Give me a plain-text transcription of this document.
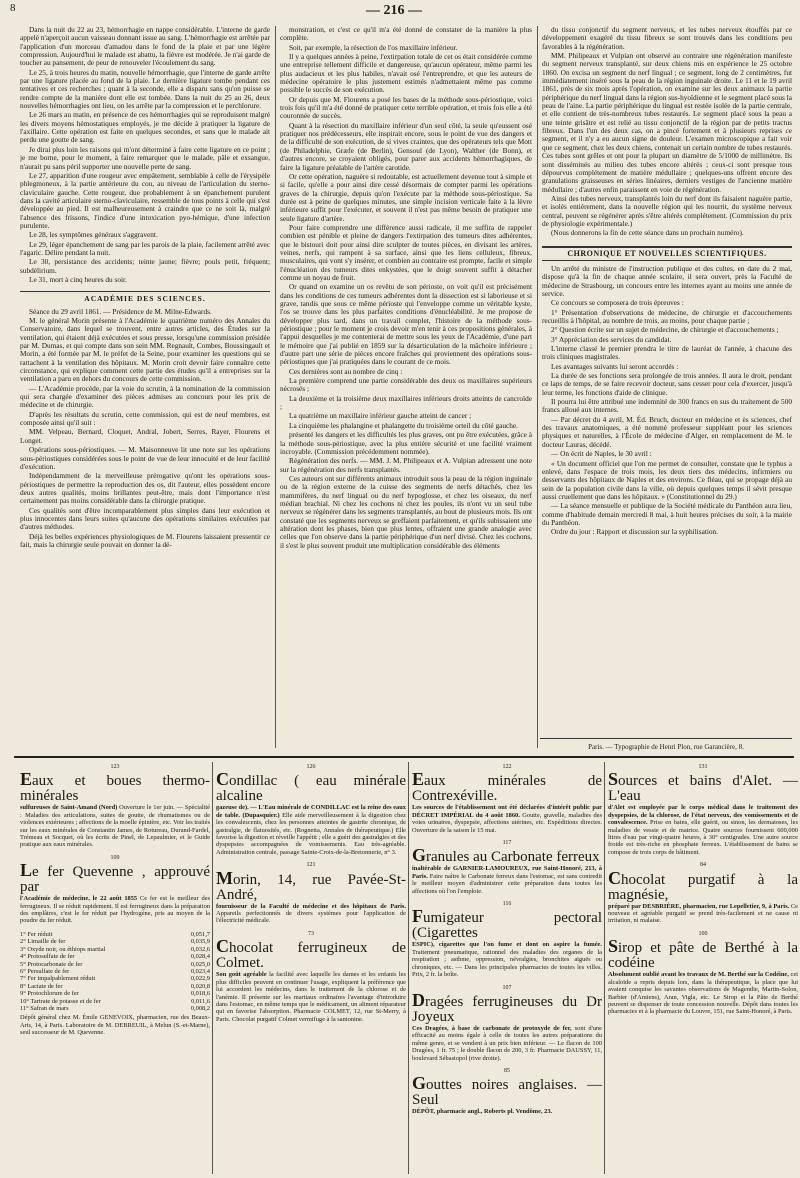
8	— 216 —

Dans la nuit du 22 au 23, hémorrhagie en nappe considérable. L'interne de garde appelé n'aperçoit aucun vaisseau donnant issue au sang. L'hémorrhagie est arrêtée par l'application d'un morceau d'amadou dans le fond de la plaie et par une légère compression. Aujourd'hui le malade est abattu, la fièvre est modérée. Je n'ai garde de toucher au pansement, de peur de renouveler l'écoulement du sang.

Le 25, à trois heures du matin, nouvelle hémorrhagie, que l'interne de garde arrête par une ligature placée au fond de la plaie. Le dernière ligature tombe pendant ces tentatives et ces recherches ; quant à la seconde, elle a disparu sans qu'on puisse se rendre compte de la manière dont elle est tombée. Dans la nuit du 25 au 26, deux nouvelles hémorrhagies ont lieu, on les arrête par la compression et le perchlorure.

Le 26 mars au matin, en présence de ces hémorrhagies qui se reproduisent malgré les divers moyens hémostatiques employés, je me décide à pratiquer la ligature de l'axillaire. Cette opération est faite en quelques secondes, et sans que le malade ait perdu une goutte de sang.

Je dirai plus loin les raisons qui m'ont déterminé à faire cette ligature en ce point ; je me borne, pour le moment, à faire remarquer que le malade, pâle et exsangue, n'aurait pu sans péril supporter une nouvelle perte de sang.

Le 27, apparition d'une rougeur avec empâtement, semblable à celle de l'érysipèle phlegmoneux, à la partie antérieure du cou, au niveau de l'articulation du sterno-claviculaire gauche. Cette rougeur, due probablement à un épanchement purulent dans la cavité articulaire sterno-claviculaire, ressemble de tous points à celle qui s'est développée au pied. Il est malheureusement à craindre que ce ne soit là, malgré l'absence des frissons, l'indice d'une intoxication pyo-hémique, d'une infection purulente.

Le 28, les symptômes généraux s'aggravent.

Le 29, léger épanchement de sang par les parois de la plaie, facilement arrêté avec l'agaric. Délire pendant la nuit.

Le 30, persistance des accidents; teinte jaune; fièvre; pouls petit, fréquent; subdélirium.

Le 31, mort à cinq heures du soir.

ACADÉMIE DES SCIENCES.

Séance du 29 avril 1861. — Présidence de M. Milne-Edwards.

M. le général Morin présente à l'Académie le quatrième numéro des Annales du Conservatoire, dans lequel se trouvent, entre autres articles, des Études sur la ventilation, qui étaient déjà exécutées et sous presse, lorsqu'une commission présidée par M. Dumas, et qui compte dans son sein MM. Regnault, Combes, Boussingault et Morin, a été formée par M. le préfet de la Seine, pour examiner les questions qui se rattachent à la ventilation des hôpitaux. M. Morin croit devoir faire connaître cette circonstance, qui explique comment cette partie des études qu'il a entreprises sur la ventilation a paru en dehors du concours de cette commission.

— L'Académie procède, par la voie du scrutin, à la nomination de la commission qui sera chargée d'examiner des pièces admises au concours pour les prix de médecine et de chirurgie.

D'après les résultats du scrutin, cette commission, qui est de neuf membres, est composée ainsi qu'il suit :

MM. Velpeau, Bernard, Cloquet, Andral, Jobert, Serres, Rayer, Flourens et Longet.

Opérations sous-périostiques. — M. Maisonneuve lit une note sur les opérations sous-périostiques considérées sous le point de vue de leur innocuité et de leur facilité d'exécution.

Indépendamment de la merveilleuse prérogative qu'ont les opérations sous-périostiques de permettre la reproduction des os, dit l'auteur, elles possèdent encore deux autres qualités, moins brillantes peut-être, mais dont l'importance n'est certainement pas moins considérable dans la chirurgie pratique.

Ces qualités sont d'être incomparablement plus simples dans leur exécution et plus innocentes dans leurs suites qu'aucune des opérations similaires exécutées par d'autres méthodes.

Déjà les belles expériences physiologiques de M. Flourens laissaient pressentir ce fait, mais la chirurgie seule pouvait en donner la dé-

monstration, et c'est ce qu'il m'a été donné de constater de la manière la plus complète.

Soit, par exemple, la résection de l'os maxillaire inférieur.

Il y a quelques années à peine, l'extirpation totale de cet os était considérée comme une entreprise tellement difficile et dangereuse, qu'aucun opérateur, même parmi les plus audacieux et les plus habiles, n'avait osé l'entreprendre, et que les auteurs de médecine opératoire le plus justement estimés n'admettaient même pas comme possible le succès de son exécution.

Or depuis que M. Flourens a posé les bases de la méthode sous-périostique, voici trois fois qu'il m'a été donné de pratiquer cette terrible opération, et trois fois elle a été couronnée de succès.

Quant à la résection du maxillaire inférieur d'un seul côté, la seule qu'eussent osé pratiquer nos prédécesseurs, elle inspirait encore, sous le point de vue des dangers et de la difficulté de son exécution, de si vives craintes, que des opérateurs tels que Mott (de Philadelphie, Græfe (de Berlin), Gensoul (de Lyon), Walther (de Bonn), et d'autres encore, se croyaient obligés, pour parer aux accidents hémorrhagiques, de faire la ligature préalable de l'artère carotide.

Or cette opération, naguère si redoutable, est actuellement devenue tout à simple et si facile, qu'elle a pour ainsi dire cessé désormais de compter parmi les opérations graves de la chirurgie, depuis qu'on l'exécute par la méthode sous-périostique. Sa durée est à peine de quelques minutes, une simple incision verticale faite à la lèvre inférieure suffit pour l'exécuter, et souvent il n'est pas même besoin de pratiquer une seule ligature d'artère.

Pour faire comprendre une différence aussi radicale, il me suffira de rappeler combien est pénible et pleine de dangers l'extirpation des tumeurs dites adhérentes, que le bistouri doit pour ainsi dire sculpter de toutes pièces, en divisant les artères, veines, nerfs, qui rampent à sa surface, ainsi que les liens celluleux, fibreux, musculaires, qui vont s'y insérer, et combien au contraire est prompte, facile et simple l'énucléation des tumeurs dites enkystées, que le doigt souvent suffit à détacher comme un noyau de fruit.

Or quand on examine un os revêtu de son périoste, on voit qu'il est précisément dans les conditions de ces tumeurs adhérentes dont la dissection est si laborieuse et si grave, tandis que sous ce même périoste qui l'enveloppe comme un véritable kyste, l'os se trouve dans les plus parfaites conditions d'énucléabilité. Je me propose de développer plus tard, dans un travail complet, l'histoire de la méthode sous-périostique ; pour le moment je crois devoir m'en tenir à ces propositions générales, à l'appui desquelles je me contenterai de mettre sous les yeux de l'Académie, d'une part le mémoire que j'ai publié en 1859 sur la désarticulation de la mâchoire inférieure ; d'autre part une série de pièces encore fraîches qui proviennent des opérations sous-périostiques que j'ai pratiquées dans le courant de ce mois.

Ces dernières sont au nombre de cinq :

La première comprend une partie considérable des deux os maxillaires supérieurs nécrosés ;

La deuxième et la troisième deux maxillaires inférieurs droits atteints de cancroïde ;

La quatrième un maxillaire inférieur gauche atteint de cancer ;

La cinquième les phalangine et phalangette du troisième orteil du côté gauche.

présenté les dangers et les difficultés les plus graves, ont pu être exécutées, grâce à la méthode sous-périostique, avec la plus entière sécurité et une facilité vraiment incroyable. (Commission précédemment nommée).

Régénération des nerfs. — MM. J. M. Philipeaux et A. Vulpian adressent une note sur la régénération des nerfs transplantés.

Ces auteurs ont sur différents animaux introduit sous la peau de la région inguinale ou de la région externe de la cuisse des segments de nerfs détachés, chez les mammifères, du nerf lingual ou du nerf hypoglosse, et chez les oiseaux, du nerf médian brachial. Ni chez les cochons ni chez les poules, ils n'ont vu un seul tube nerveux se régénérer dans les segments transplantés, au bout de plusieurs mois. Ils ont constaté que les segments nerveux se greffaient parfaitement, et qu'ils subissaient une altération dont les phases, bien que plus lentes, offraient une grande analogie avec celles que l'on observe dans la partie périphérique d'un nerf divisé. Chez les cochons, il s'est le plus souvent produit une multiplication considérable des éléments

du tissu conjonctif du segment nerveux, et les tubes nerveux étouffés par ce développement exagéré du tissu fibreux se sont trouvés dans les conditions peu favorables à la régénération.

MM. Philipeaux et Vulpian ont observé au contraire une régénération manifeste du segment nerveux transplanté, sur deux chiens mis en expérience le 25 octobre 1860. On excisa un segment du nerf lingual ; ce segment, long de 2 centimètres, fut immédiatement inséré sous la peau de la région inguinale droite. Le 11 et le 19 avril 1861, près de six mois après l'opération, on examine sur les deux animaux la partie périphérique du nerf lingual dans la région sus-hyoïdienne et le segment placé sous la peau de l'aine. La partie périphérique du lingual est restée isolée de la partie centrale, et elle contient de très-nombreux tubes restaurés. Le segment placé sous la peau a une teinte grisâtre et est relié au tissu conjonctif de la région par de petits tractus fibreux. Dans l'un des deux cas, on a pincé fortement et à plusieurs reprises ce segment, et il n'y a eu aucun signe de douleur. L'examen microscopique a fait voir que ce segment, chez les deux chiens, contenait un certain nombre de tubes restaurés. Ces tubes sont grêles et ont pour la plupart un diamètre de 5/1000 de millimètre. Ils sont disséminés au milieu des tubes encore altérés ; ceux-ci sont presque tous dépourvus complétement de matière médullaire ; quelques-uns offrent encore des granulations graisseuses en séries linéaires, derniers vestiges de l'ancienne matière médullaire ; d'autres enfin paraissent en voie de régénération.

Ainsi des tubes nerveux, transplantés loin du nerf dont ils faisaient naguère partie, et isolés entièrement, dans la nouvelle région qui les nourrit, du système nerveux central, peuvent se régénérer après s'être altérés complétement. (Commission du prix de physiologie expérimentale.)

(Nous donnerons la fin de cette séance dans un prochain numéro).

CHRONIQUE ET NOUVELLES SCIENTIFIQUES.

Un arrêté du ministre de l'instruction publique et des cultes, en date du 2 mai, dispose qu'à la fin de chaque année scolaire, il sera ouvert, près la Faculté de médecine de Strasbourg, un concours entre les internes ayant au moins une année de service.

Ce concours se composera de trois épreuves :

1° Présentation d'observations de médecine, de chirurgie et d'accouchements recueillis à l'hôpital, au nombre de trois, au moins, pour chaque partie ;

2° Question écrite sur un sujet de médecine, de chirurgie et d'accouchements ;

3° Appréciation des services du candidat.

L'interne classé le premier prendra le titre de lauréat de l'année, à chacune des trois cliniques magistrales.

Les avantages suivants lui seront accordés :

La durée de ses fonctions sera prolongée de trois années. Il aura le droit, pendant ce laps de temps, de se faire recevoir docteur, sans cesser pour cela d'exercer, jusqu'à leur terme, les fonctions d'aide de clinique.

Il pourra lui être attribué une indemnité de 300 francs en sus du traitement de 500 francs alloué aux internes.

— Par décret du 4 avril, M. Éd. Bruch, docteur en médecine et ès sciences, chef des travaux anatomiques, a été nommé professeur suppléant pour les sciences physiques et naturelles, à l'École de médecine d'Alger, en remplacement de M. le docteur Lauras, décédé.

— On écrit de Naples, le 30 avril :

« Un document officiel que l'on me permet de consulter, constate que le typhus a enlevé, dans l'espace de trois mois, les deux tiers des médecins, infirmiers ou desservants des hôpitaux de Naples et des environs. Ce fléau, qui se propage déjà au sein de la population civile dans la ville, où depuis quelques temps il sévit presque aussi cruellement que dans les hôpitaux. » (Constitutionnel du 29.)

— La séance mensuelle et publique de la Société médicale du Panthéon aura lieu, comme d'habitude demain mercredi 8 mai, à huit heures précises du soir, à la mairie du Panthéon.

Ordre du jour : Rapport et discussion sur la syphilisation.

Paris. — Typographie de Henri Plon, rue Garancière, 8.
123
Eaux et boues thermo-minérales

sulfureuses de Saint-Amand (Nord) Ouverture le 1er juin. — Spécialité : Maladies des articulations, suites de goutte, de rhumatismes ou de violences extérieures ; affections de la moelle épinière, etc. Voir les traités sur les eaux minérales de Constantin James, de Rotureau, Durand-Fardel, Trémeau et Socquet, où les écrits de Pinel, de Lepaulmier, et le Guide pratique aux eaux minérales.

109
Le fer Quevenne , approuvé par

l'Académie de médecine, le 22 août 1855 Ce fer est le meilleur des ferrugineux. Il se réduit rapidement. Il est ferrugineux dans la préparation des emplâtres, c'est le fer réduit par l'hydrogène, pris au moyen de la poudre du fer réduit.

1° Fer réduit	0,051,7
2° Limaille de fer	0,035,9
3° Oxyde noir, ou éthiops martial	0,032,6
4° Protosulfate de fer	0,028,4
5° Protocarbonate de fer	0,025,0
6° Persulfate de fer	0,023,4
7° Fer impalpablement réduit	0,022,9
8° Lactate de fer	0,020,8
9° Protochlorure de fer	0,018,6
10° Tartrate de potasse et de fer	0,011,6
11° Safran de mars	0,008,2

Dépôt général chez M. Émile GENEVOIX, pharmacien, rue des Beaux-Arts, 14, à Paris. Laboratoire de M. DEBREUIL, à Melun (S.-et-Marne), seul successeur de M. Quevenne.

126
Condillac ( eau minérale alcaline

gazeuse de). — L'Eau minérale de CONDILLAC est la reine des eaux de table. (Dupasquier.) Elle aide merveilleusement à la digestion chez les convalescents, chez les personnes atteintes de gastrite chronique, de gastralgie, de flatuosités, etc. (Rognetta, Annales de thérapeutique.) Elle favorise la digestion et réveille l'appétit ; elle a guéri des gastralgies et des dyspepsies accompagnées de vomissements. Eau très-agréable. Administration centrale, passage Sainte-Croix-de-la-Bretonnerie, n° 3.

121
Morin, 14, rue Pavée-St-André,

fournisseur de la Faculté de médecine et des hôpitaux de Paris. Appareils perfectionnés de divers systèmes pour l'application de l'électricité médicale.

73
Chocolat ferrugineux de Colmet.

Son goût agréable la facilité avec laquelle les dames et les enfants les plus difficiles peuvent en continuer l'usage, expliquent la préférence que lui accordent les médecins, dans le traitement de la chlorose et de l'anémie. Il présente sur les martiaux ordinaires l'avantage d'introduire dans l'estomac, en même temps que le médicament, un aliment réparateur qui en favorise l'absorption. Pharmacie COLMET, 12, rue St-Merry, à Paris. Chocolat purgatif Colmet vermifuge à la santonine.

122
Eaux minérales de Contrexéville.

Les sources de l'établissement ont été déclarées d'intérêt public par DÉCRET IMPÉRIAL du 4 août 1860. Goutte, gravelle, maladies des voies urinaires, dyspepsie, affections utérines, etc. Expéditions directes. Ouverture de la saison le 15 mai.

117
Granules au Carbonate ferreux

inaltérable de GARNIER-LAMOUREUX, rue Saint-Honoré, 213, à Paris. Faire naître le Carbonate ferreux dans l'estomac, est sans contredit le meilleur moyen d'administrer cette préparation dans toutes les affections où l'on l'emploie.

116
Fumigateur pectoral (Cigarettes

ESPIC), cigarettes que l'on fume et dont on aspire la fumée. Traitement pneumatique, rationnel des maladies des organes de la respiration ; asthme, oppression, névralgies, bronchites aiguës ou chroniques, etc. — Dans les principales pharmacies de toutes les villes. Prix, 2 fr. la boîte.

107
Dragées ferrugineuses du Dr Joyeux

Ces Dragées, à base de carbonate de protoxyde de fer, sont d'une efficacité au moins égale à celle de toutes les autres préparations du même genre, et se vendent à un prix bien inférieur. — Le flacon de 100 Dragées, 1 fr. 75 ; le double flacon de 200, 3 fr. Pharmacie DAUSSY, 11, boulevard Sébastopol (rive droite).

85
Gouttes noires anglaises. — Seul

DÉPÔT, pharmacie angl., Roberts pl. Vendôme, 23.

131
Sources et bains d'Alet. — L'eau

d'Alet est employée par le corps médical dans le traitement des dyspepsies, de la chlorose, de l'état nerveux, des vomissements et de convalescence. Prise en bains, elle guérit, ou sinon, les dermatoses, les maladies de vessie et de matrice. Quatre sources fournissent 600,000 litres d'eau par vingt-quatre heures, à 30° centigrades. Une autre source froide est très-riche en phosphate ferreux. L'établissement de bains se compose de trois corps de bâtiment.

84
Chocolat purgatif à la magnésie,

préparé par DESBRIÈRE, pharmacien, rue Lepelletier, 9, à Paris. Ce nouveau et agréable purgatif se prend très-facilement et ne cause ni irritation, ni malaise.

100
Sirop et pâte de Berthé à la codéine

Absolument oublié avant les travaux de M. Berthé sur la Codéine, cet alcaloïde a repris depuis lors, dans la thérapeutique, la place que lui avaient conquise les savantes observations de Magendie, Martin-Solon, Barbier (d'Amiens), Aran, Vigla, etc. Le Sirop et la Pâte de Berthé peuvent se dispenser de toute concession nouvelle. Dépôt dans toutes les pharmacies et à la pharmacie du Louvre, 151, rue Saint-Honoré, à Paris.
